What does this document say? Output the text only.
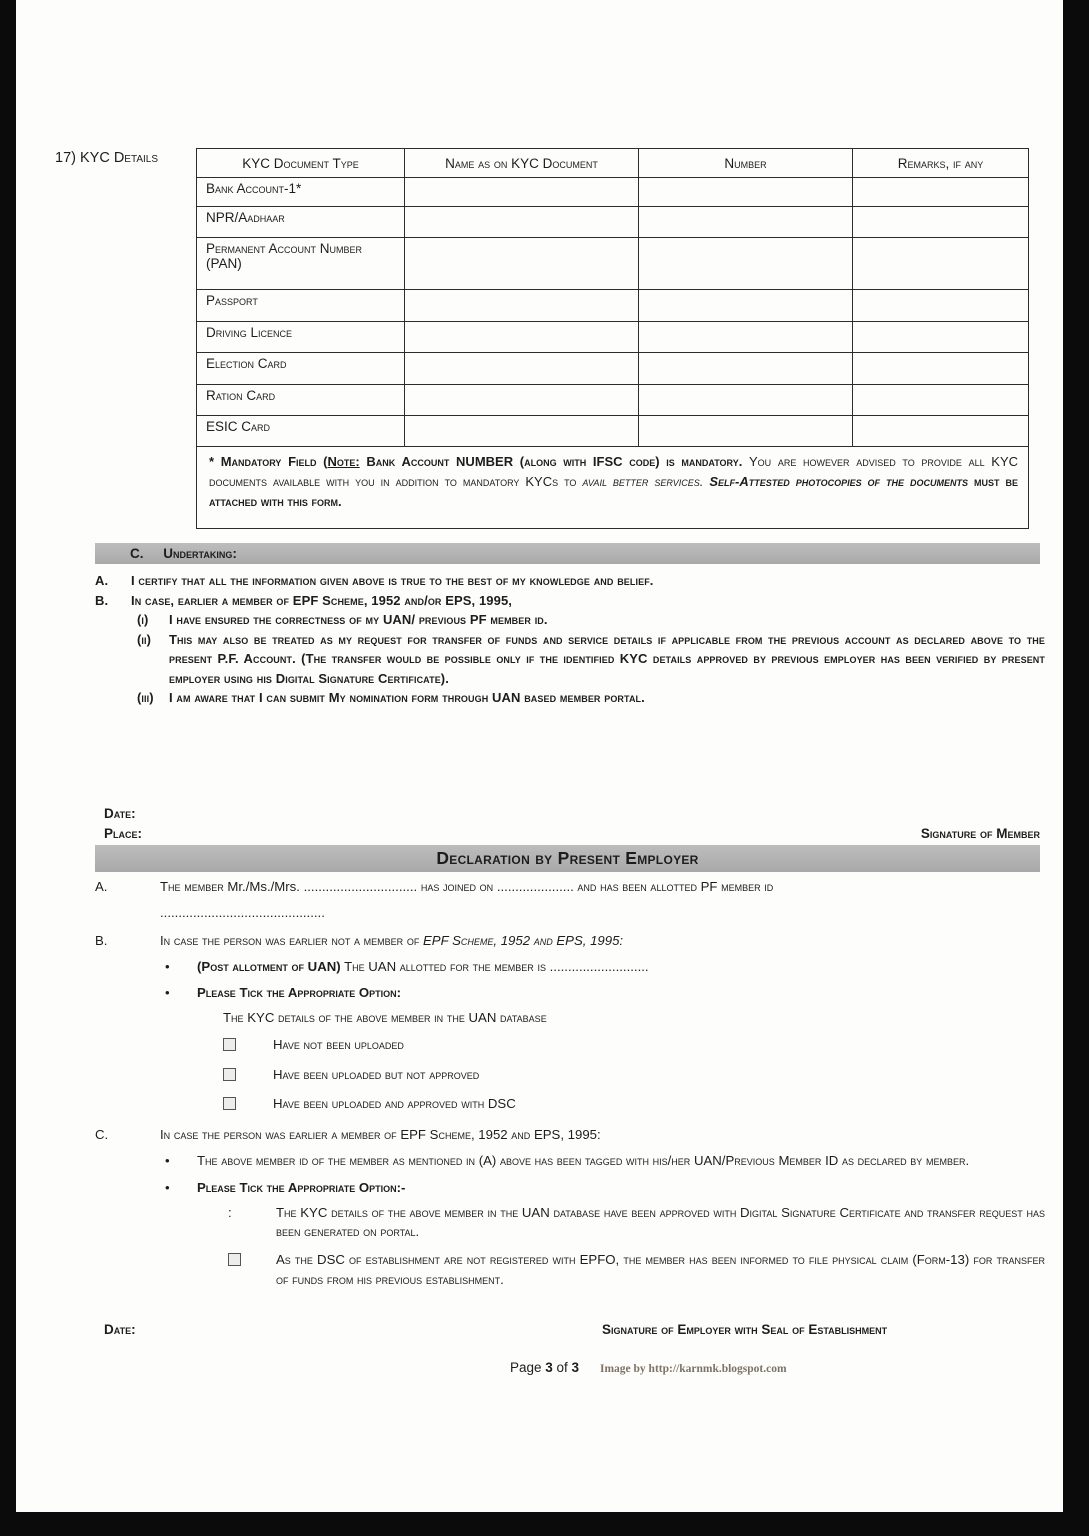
17) KYC Details	KYC Document Type	Name as on KYC Document	Number	Remarks, if any
Bank Account-1*			
NPR/Aadhaar			
Permanent Account Number (PAN)			
Passport			
Driving Licence			
Election Card			
Ration Card			
ESIC Card			
* Mandatory Field (Note: Bank Account NUMBER (along with IFSC code) is mandatory. You are however advised to provide all KYC documents available with you in addition to mandatory KYCs to avail better services. Self-Attested photocopies of the documents must be attached with this form.			
C. Undertaking:
A.	I certify that all the information given above is true to the best of my knowledge and belief.
B.	In case, earlier a member of EPF Scheme, 1952 and/or EPS, 1995,
(i)	I have ensured the correctness of my UAN/ previous PF member id.
(ii)	This may also be treated as my request for transfer of funds and service details if applicable from the previous account as declared above to the present P.F. Account. (The transfer would be possible only if the identified KYC details approved by previous employer has been verified by present employer using his Digital Signature Certificate).
(iii)	I am aware that I can submit My nomination form through UAN based member portal.
Date:
Place:	Signature of Member
Declaration by Present Employer
A.	The member Mr./Ms./Mrs. ............................... has joined on ..................... and has been allotted PF member id
.............................................
B.	In case the person was earlier not a member of EPF Scheme, 1952 and EPS, 1995:
•	(Post allotment of UAN) The UAN allotted for the member is ...........................
•	Please Tick the Appropriate Option:
The KYC details of the above member in the UAN database
Have not been uploaded
Have been uploaded but not approved
Have been uploaded and approved with DSC
C.	In case the person was earlier a member of EPF Scheme, 1952 and EPS, 1995:
•	The above member id of the member as mentioned in (A) above has been tagged with his/her UAN/Previous Member ID as declared by member.
•	Please Tick the Appropriate Option:-
:	The KYC details of the above member in the UAN database have been approved with Digital Signature Certificate and transfer request has been generated on portal.
As the DSC of establishment are not registered with EPFO, the member has been informed to file physical claim (Form-13) for transfer of funds from his previous establishment.
Date:	Signature of Employer with Seal of Establishment
Page 3 of 3	Image by http://karnmk.blogspot.com
